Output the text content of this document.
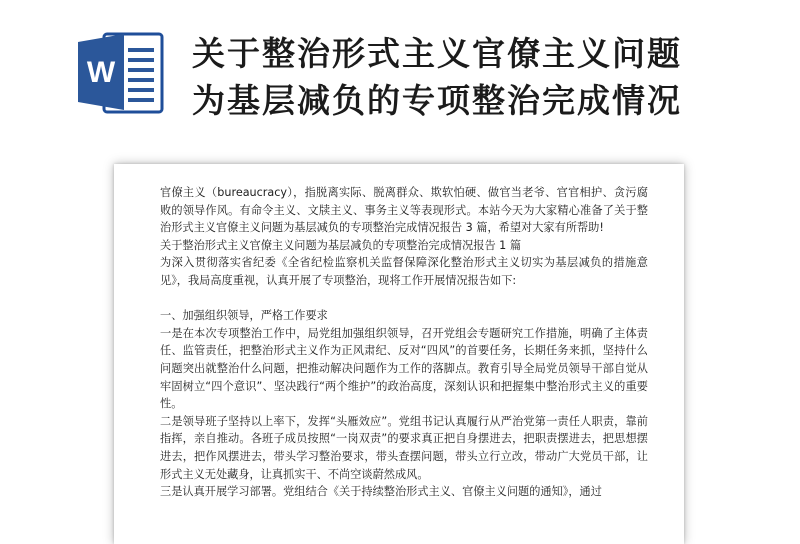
W 关于整治形式主义官僚主义问题
为基层减负的专项整治完成情况

官僚主义（bureaucracy），指脱离实际、脱离群众、欺软怕硬、做官当老爷、官官相护、贪污腐败的领导作风。有命令主义、文牍主义、事务主义等表现形式。本站今天为大家精心准备了关于整治形式主义官僚主义问题为基层减负的专项整治完成情况报告 3 篇，希望对大家有所帮助!

关于整治形式主义官僚主义问题为基层减负的专项整治完成情况报告 1 篇

为深入贯彻落实省纪委《全省纪检监察机关监督保障深化整治形式主义切实为基层减负的措施意见》，我局高度重视，认真开展了专项整治，现将工作开展情况报告如下:

一、加强组织领导，严格工作要求

一是在本次专项整治工作中，局党组加强组织领导，召开党组会专题研究工作措施，明确了主体责任、监管责任，把整治形式主义作为正风肃纪、反对“四风”的首要任务，长期任务来抓，坚持什么问题突出就整治什么问题，把推动解决问题作为工作的落脚点。教育引导全局党员领导干部自觉从牢固树立“四个意识”、坚决践行“两个维护”的政治高度，深刻认识和把握集中整治形式主义的重要性。

二是领导班子坚持以上率下，发挥“头雁效应”。党组书记认真履行从严治党第一责任人职责，靠前指挥，亲自推动。各班子成员按照“一岗双责”的要求真正把自身摆进去，把职责摆进去，把思想摆进去，把作风摆进去，带头学习整治要求，带头查摆问题，带头立行立改，带动广大党员干部，让形式主义无处藏身，让真抓实干、不尚空谈蔚然成风。

三是认真开展学习部署。党组结合《关于持续整治形式主义、官僚主义问题的通知》，通过
